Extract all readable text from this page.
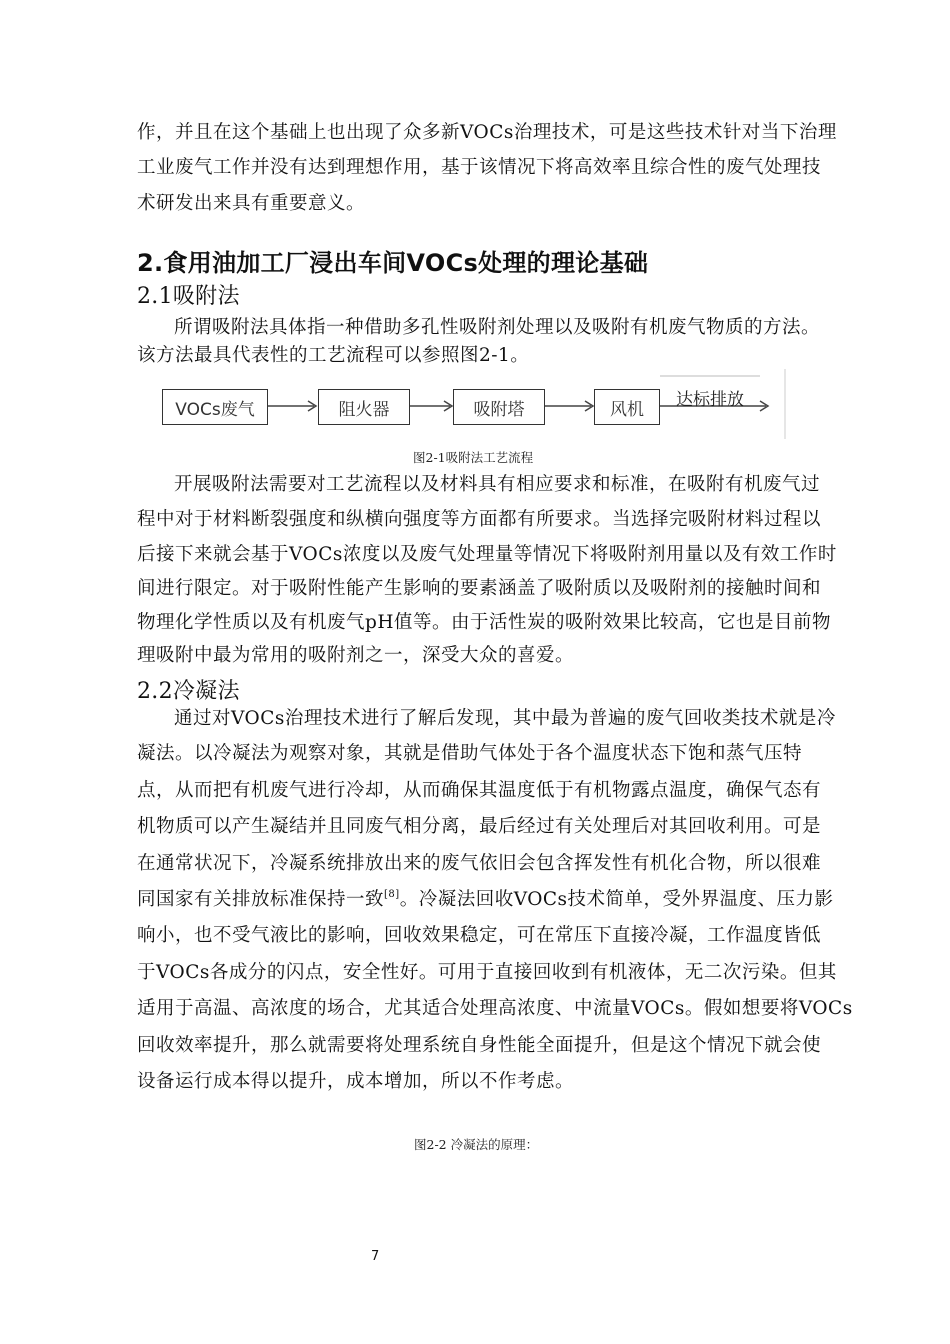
作，并且在这个基础上也出现了众多新VOCs治理技术，可是这些技术针对当下治理
工业废气工作并没有达到理想作用，基于该情况下将高效率且综合性的废气处理技
术研发出来具有重要意义。
2.食用油加工厂浸出车间VOCs处理的理论基础
2.1吸附法
所谓吸附法具体指一种借助多孔性吸附剂处理以及吸附有机废气物质的方法。
该方法最具代表性的工艺流程可以参照图2-1。
VOCs废气	阻火器	吸附塔	风机	达标排放
图2-1吸附法工艺流程
开展吸附法需要对工艺流程以及材料具有相应要求和标准，在吸附有机废气过
程中对于材料断裂强度和纵横向强度等方面都有所要求。当选择完吸附材料过程以
后接下来就会基于VOCs浓度以及废气处理量等情况下将吸附剂用量以及有效工作时
间进行限定。对于吸附性能产生影响的要素涵盖了吸附质以及吸附剂的接触时间和
物理化学性质以及有机废气pH值等。由于活性炭的吸附效果比较高，它也是目前物
理吸附中最为常用的吸附剂之一，深受大众的喜爱。
2.2冷凝法
通过对VOCs治理技术进行了解后发现，其中最为普遍的废气回收类技术就是冷
凝法。以冷凝法为观察对象，其就是借助气体处于各个温度状态下饱和蒸气压特
点，从而把有机废气进行冷却，从而确保其温度低于有机物露点温度，确保气态有
机物质可以产生凝结并且同废气相分离，最后经过有关处理后对其回收利用。可是
在通常状况下，冷凝系统排放出来的废气依旧会包含挥发性有机化合物，所以很难
同国家有关排放标准保持一致[8]。冷凝法回收VOCs技术简单，受外界温度、压力影
响小，也不受气液比的影响，回收效果稳定，可在常压下直接冷凝，工作温度皆低
于VOCs各成分的闪点，安全性好。可用于直接回收到有机液体，无二次污染。但其
适用于高温、高浓度的场合，尤其适合处理高浓度、中流量VOCs。假如想要将VOCs
回收效率提升，那么就需要将处理系统自身性能全面提升，但是这个情况下就会使
设备运行成本得以提升，成本增加，所以不作考虑。
图2-2 冷凝法的原理：
7
